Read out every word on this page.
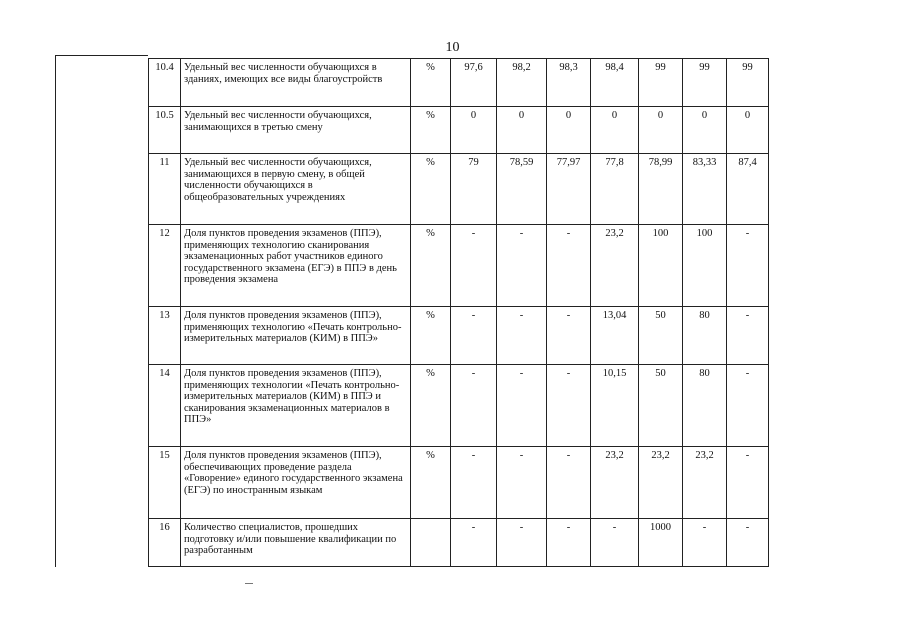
10
10.4	Удельный вес численности обучающихся в зданиях, имеющих все виды благоустройств	%	97,6	98,2	98,3	98,4	99	99	99
10.5	Удельный вес численности обучающихся, занимающихся в третью смену	%	0	0	0	0	0	0	0
11	Удельный вес численности обучающихся, занимающихся в первую смену, в общей численности обучающихся в общеобразовательных учреждениях	%	79	78,59	77,97	77,8	78,99	83,33	87,4
12	Доля пунктов проведения экзаменов (ППЭ), применяющих технологию сканирования экзаменационных работ участников единого государственного экзамена (ЕГЭ) в ППЭ в день проведения экзамена	%	-	-	-	23,2	100	100	-
13	Доля пунктов проведения экзаменов (ППЭ), применяющих технологию «Печать контрольно-измерительных материалов (КИМ) в ППЭ»	%	-	-	-	13,04	50	80	-
14	Доля пунктов проведения экзаменов (ППЭ), применяющих технологии «Печать контрольно-измерительных материалов (КИМ) в ППЭ и сканирования экзаменационных материалов в ППЭ»	%	-	-	-	10,15	50	80	-
15	Доля пунктов проведения экзаменов (ППЭ), обеспечивающих проведение раздела «Говорение» единого государственного экзамена (ЕГЭ) по иностранным языкам	%	-	-	-	23,2	23,2	23,2	-
16	Количество специалистов, прошедших подготовку и/или повышение квалификации по разработанным		-	-	-	-	1000	-	-
